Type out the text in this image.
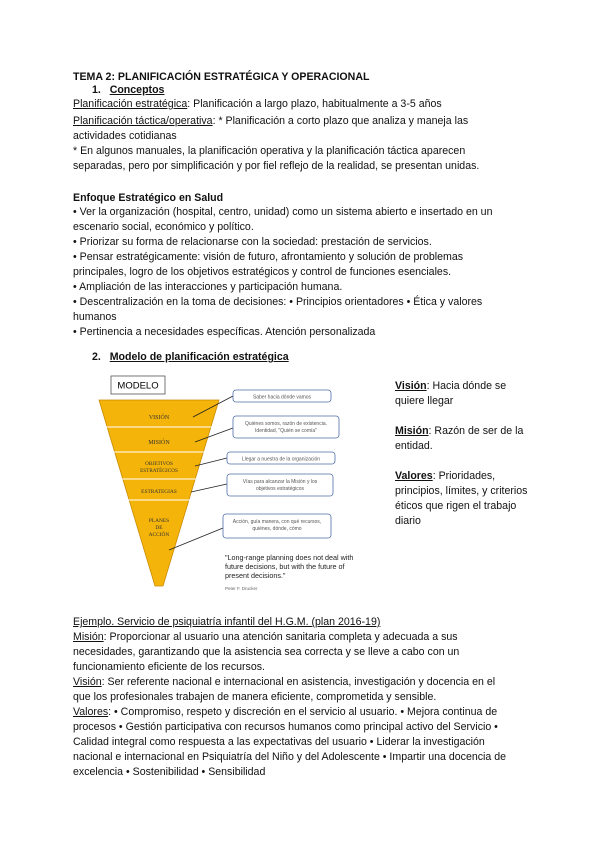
TEMA 2: PLANIFICACIÓN ESTRATÉGICA Y OPERACIONAL
1. Conceptos
Planificación estratégica: Planificación a largo plazo, habitualmente a 3-5 años
Planificación táctica/operativa: * Planificación a corto plazo que analiza y maneja las
actividades cotidianas
* En algunos manuales, la planificación operativa y la planificación táctica aparecen
separadas, pero por simplificación y por fiel reflejo de la realidad, se presentan unidas.
Enfoque Estratégico en Salud
• Ver la organización (hospital, centro, unidad) como un sistema abierto e insertado en un
escenario social, económico y político.
• Priorizar su forma de relacionarse con la sociedad: prestación de servicios.
• Pensar estratégicamente: visión de futuro, afrontamiento y solución de problemas
principales, logro de los objetivos estratégicos y control de funciones esenciales.
• Ampliación de las interacciones y participación humana.
• Descentralización en la toma de decisiones: • Principios orientadores • Ética y valores
humanos
• Pertinencia a necesidades específicas. Atención personalizada
2. Modelo de planificación estratégica
MODELO
VISIÓN
MISIÓN
OBJETIVOS ESTRATÉGICOS
ESTRATEGIAS
PLANES DE ACCIÓN
Saber hacia dónde vamos
Quiénes somos, razón de existencia. Identidad, "Quién se comía"
Llegar a nuestra de la organización
Vías para alcanzar la Misión y los objetivos estratégicos
Acción, guía manera, con qué recursos, quiénes, dónde, cómo
"Long-range planning does not deal with future decisions, but with the future of present decisions."
Peter F. Drucker

Visión: Hacia dónde se quiere llegar

Misión: Razón de ser de la entidad.

Valores: Prioridades, principios, límites, y criterios éticos que rigen el trabajo diario

Ejemplo. Servicio de psiquiatría infantil del H.G.M. (plan 2016-19)
Misión: Proporcionar al usuario una atención sanitaria completa y adecuada a sus
necesidades, garantizando que la asistencia sea correcta y se lleve a cabo con un
funcionamiento eficiente de los recursos.
Visión: Ser referente nacional e internacional en asistencia, investigación y docencia en el
que los profesionales trabajen de manera eficiente, comprometida y sensible.
Valores: • Compromiso, respeto y discreción en el servicio al usuario. • Mejora continua de
procesos • Gestión participativa con recursos humanos como principal activo del Servicio •
Calidad integral como respuesta a las expectativas del usuario • Liderar la investigación
nacional e internacional en Psiquiatría del Niño y del Adolescente • Impartir una docencia de
excelencia • Sostenibilidad • Sensibilidad
